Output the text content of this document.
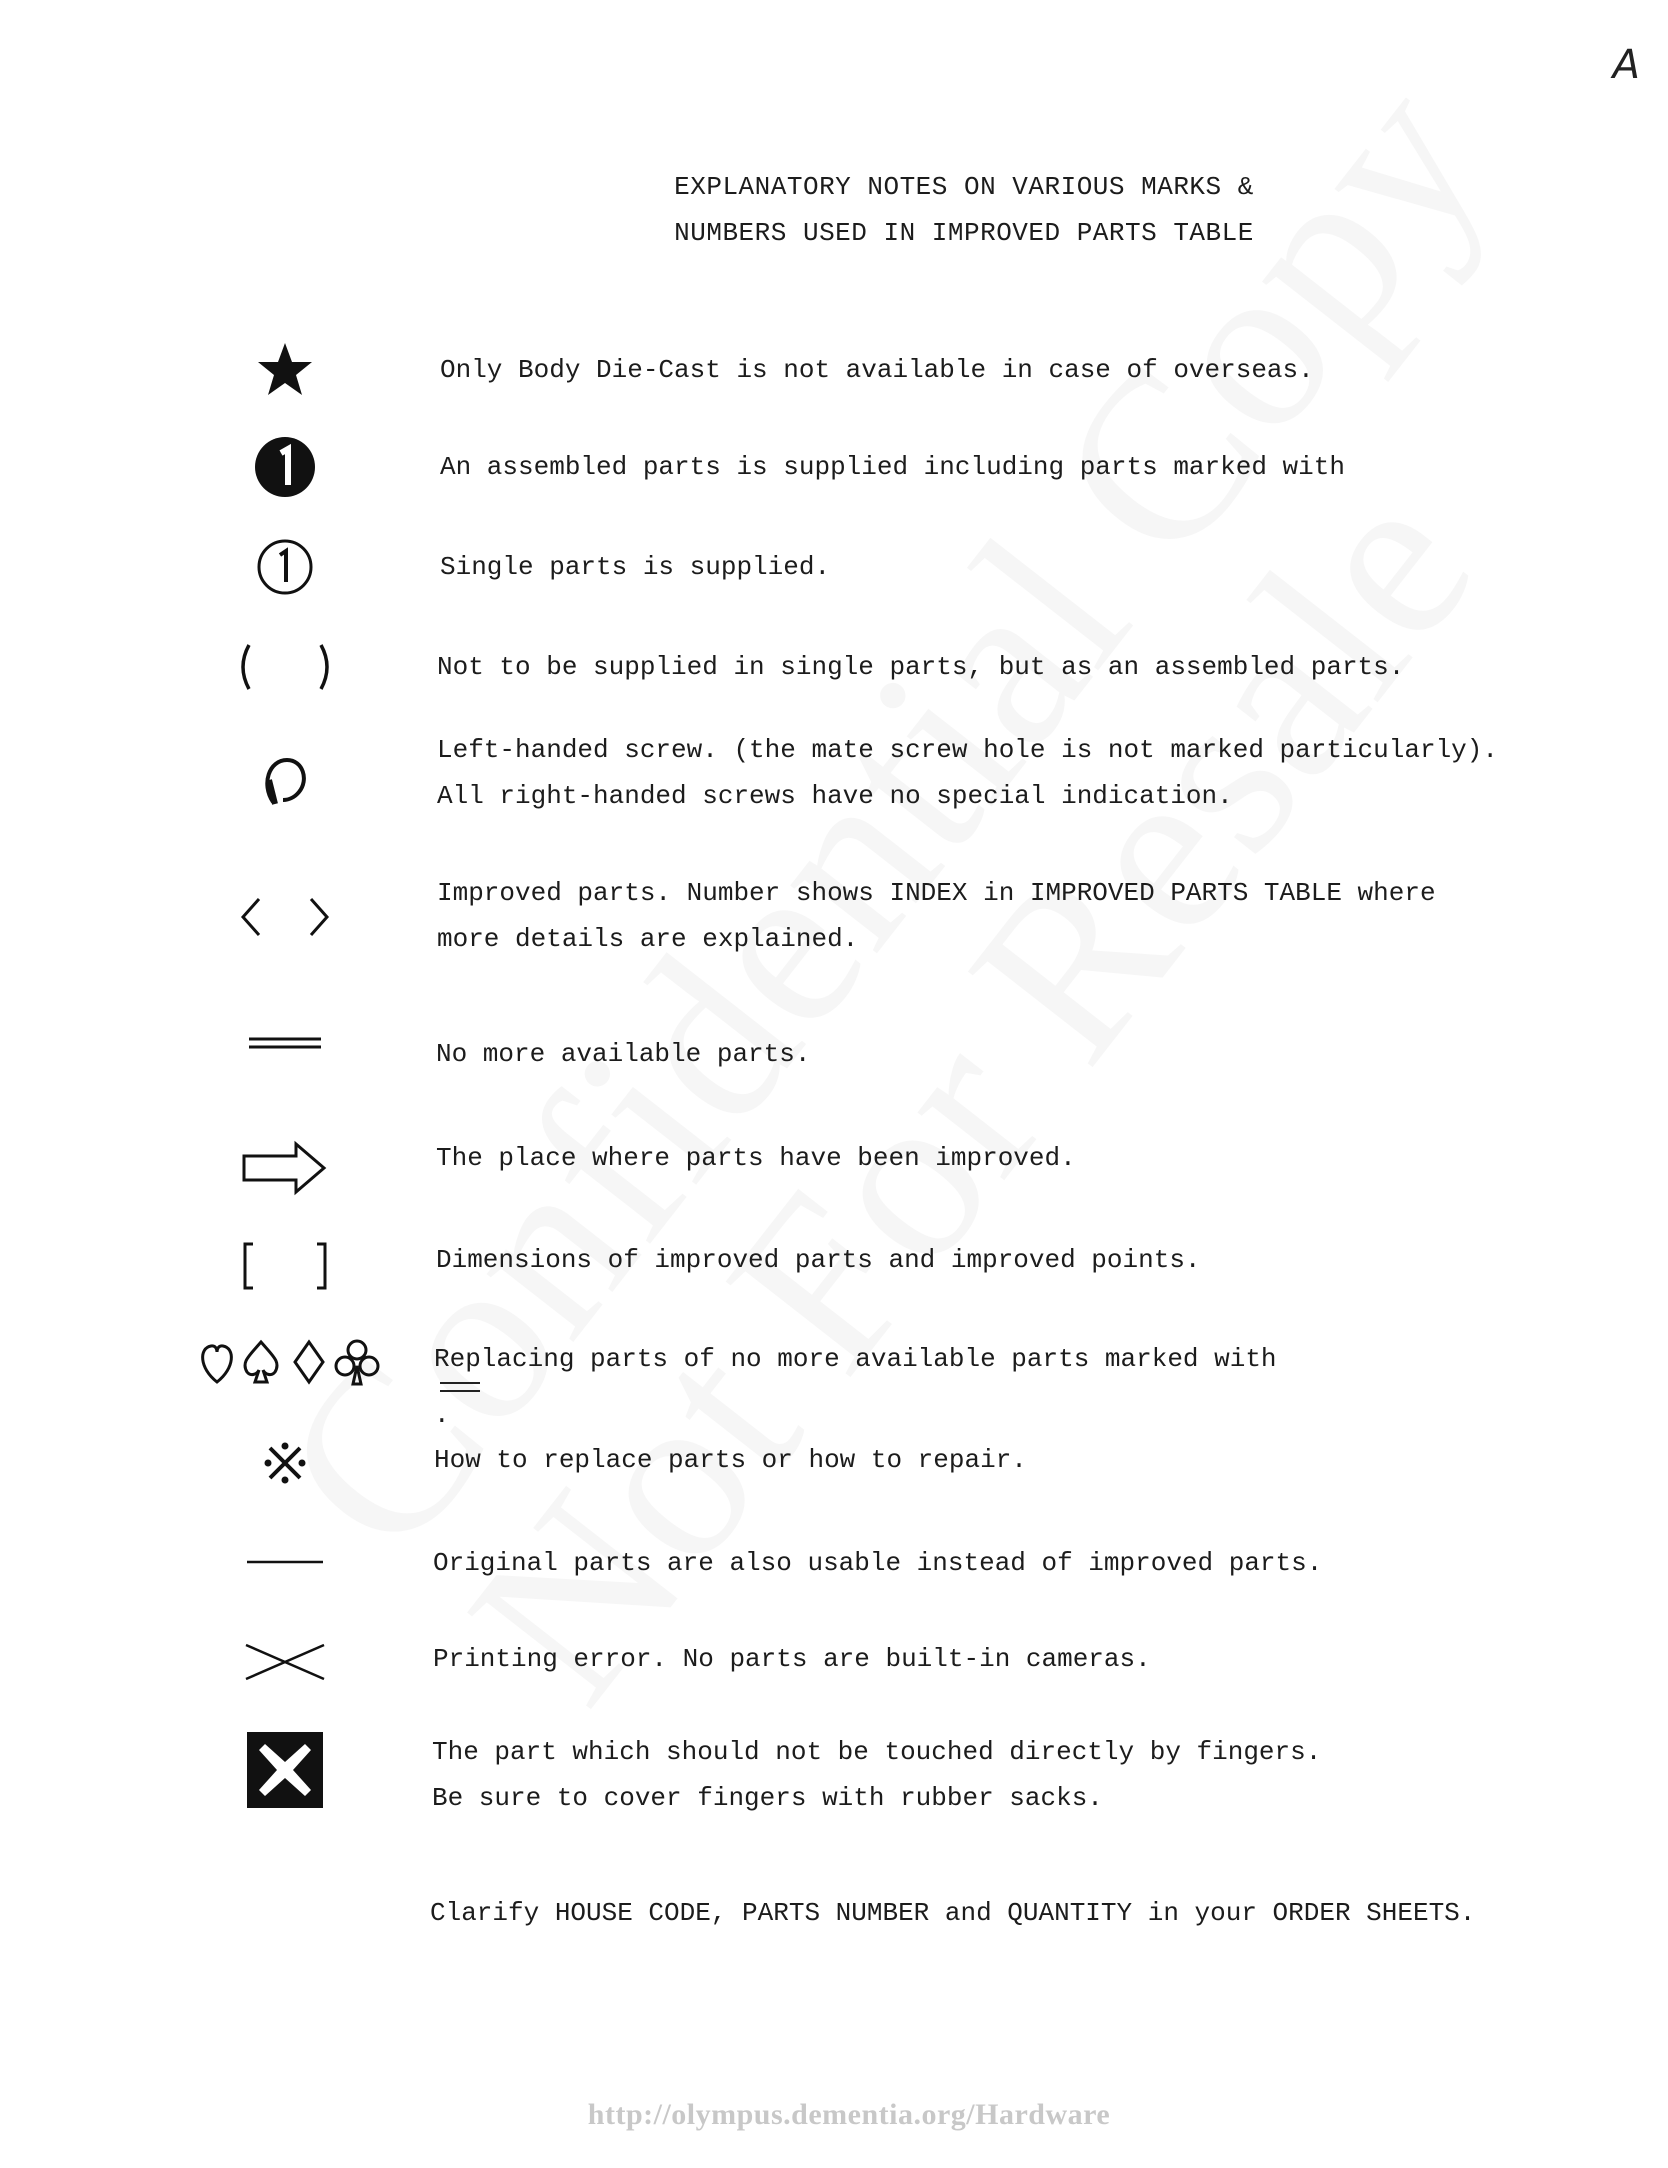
A
EXPLANATORY NOTES ON VARIOUS MARKS &
NUMBERS USED IN IMPROVED PARTS TABLE
Only Body Die-Cast is not available in case of overseas.
An assembled parts is supplied including parts marked with
Single parts is supplied.
Not to be supplied in single parts, but as an assembled parts.
Left-handed screw. (the mate screw hole is not marked particularly).
All right-handed screws have no special indication.
Improved parts. Number shows INDEX in IMPROVED PARTS TABLE where
more details are explained.
No more available parts.
The place where parts have been improved.
Dimensions of improved parts and improved points.
Replacing parts of no more available parts marked with
.
How to replace parts or how to repair.
Original parts are also usable instead of improved parts.
Printing error. No parts are built-in cameras.
The part which should not be touched directly by fingers.
Be sure to cover fingers with rubber sacks.
Clarify HOUSE CODE, PARTS NUMBER and QUANTITY in your ORDER SHEETS.
http://olympus.dementia.org/Hardware
